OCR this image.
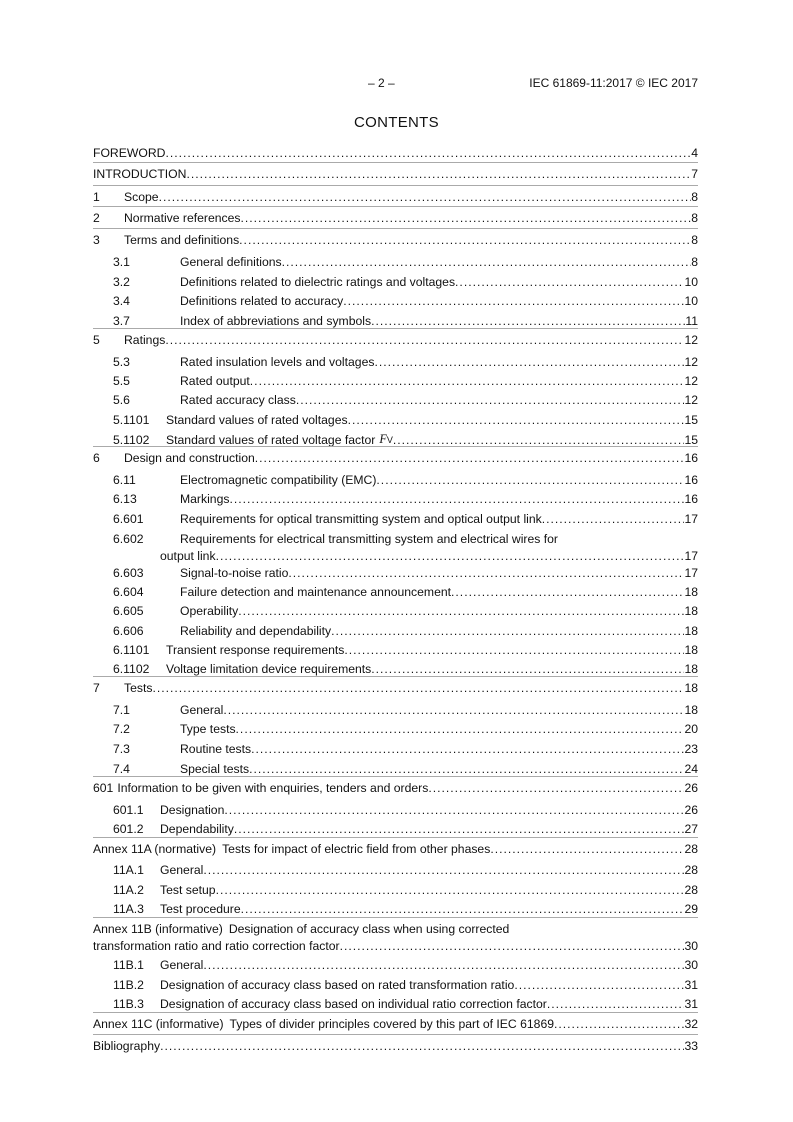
– 2 –	IEC 61869-11:2017 © IEC 2017
CONTENTS
FOREWORD .....	4
INTRODUCTION .....	7
1	Scope .....	8
2	Normative references .....	8
3	Terms and definitions .....	8
3.1	General definitions .....	8
3.2	Definitions related to dielectric ratings and voltages .....	10
3.4	Definitions related to accuracy .....	10
3.7	Index of abbreviations and symbols .....	11
5	Ratings .....	12
5.3	Rated insulation levels and voltages .....	12
5.5	Rated output .....	12
5.6	Rated accuracy class .....	12
5.1101	Standard values of rated voltages .....	15
5.1102	Standard values of rated voltage factor FV .....	15
6	Design and construction .....	16
6.11	Electromagnetic compatibility (EMC) .....	16
6.13	Markings .....	16
6.601	Requirements for optical transmitting system and optical output link .....	17
6.602	Requirements for electrical transmitting system and electrical wires for
output link .....	17
6.603	Signal-to-noise ratio .....	17
6.604	Failure detection and maintenance announcement .....	18
6.605	Operability .....	18
6.606	Reliability and dependability .....	18
6.1101	Transient response requirements .....	18
6.1102	Voltage limitation device requirements .....	18
7	Tests .....	18
7.1	General .....	18
7.2	Type tests .....	20
7.3	Routine tests .....	23
7.4	Special tests .....	24
601 Information to be given with enquiries, tenders and orders .....	26
601.1	Designation .....	26
601.2	Dependability .....	27
Annex 11A (normative) Tests for impact of electric field from other phases .....	28
11A.1	General .....	28
11A.2	Test setup .....	28
11A.3	Test procedure .....	29
Annex 11B (informative) Designation of accuracy class when using corrected
transformation ratio and ratio correction factor .....	30
11B.1	General .....	30
11B.2	Designation of accuracy class based on rated transformation ratio .....	31
11B.3	Designation of accuracy class based on individual ratio correction factor .....	31
Annex 11C (informative) Types of divider principles covered by this part of IEC 61869 .....	32
Bibliography .....	33
